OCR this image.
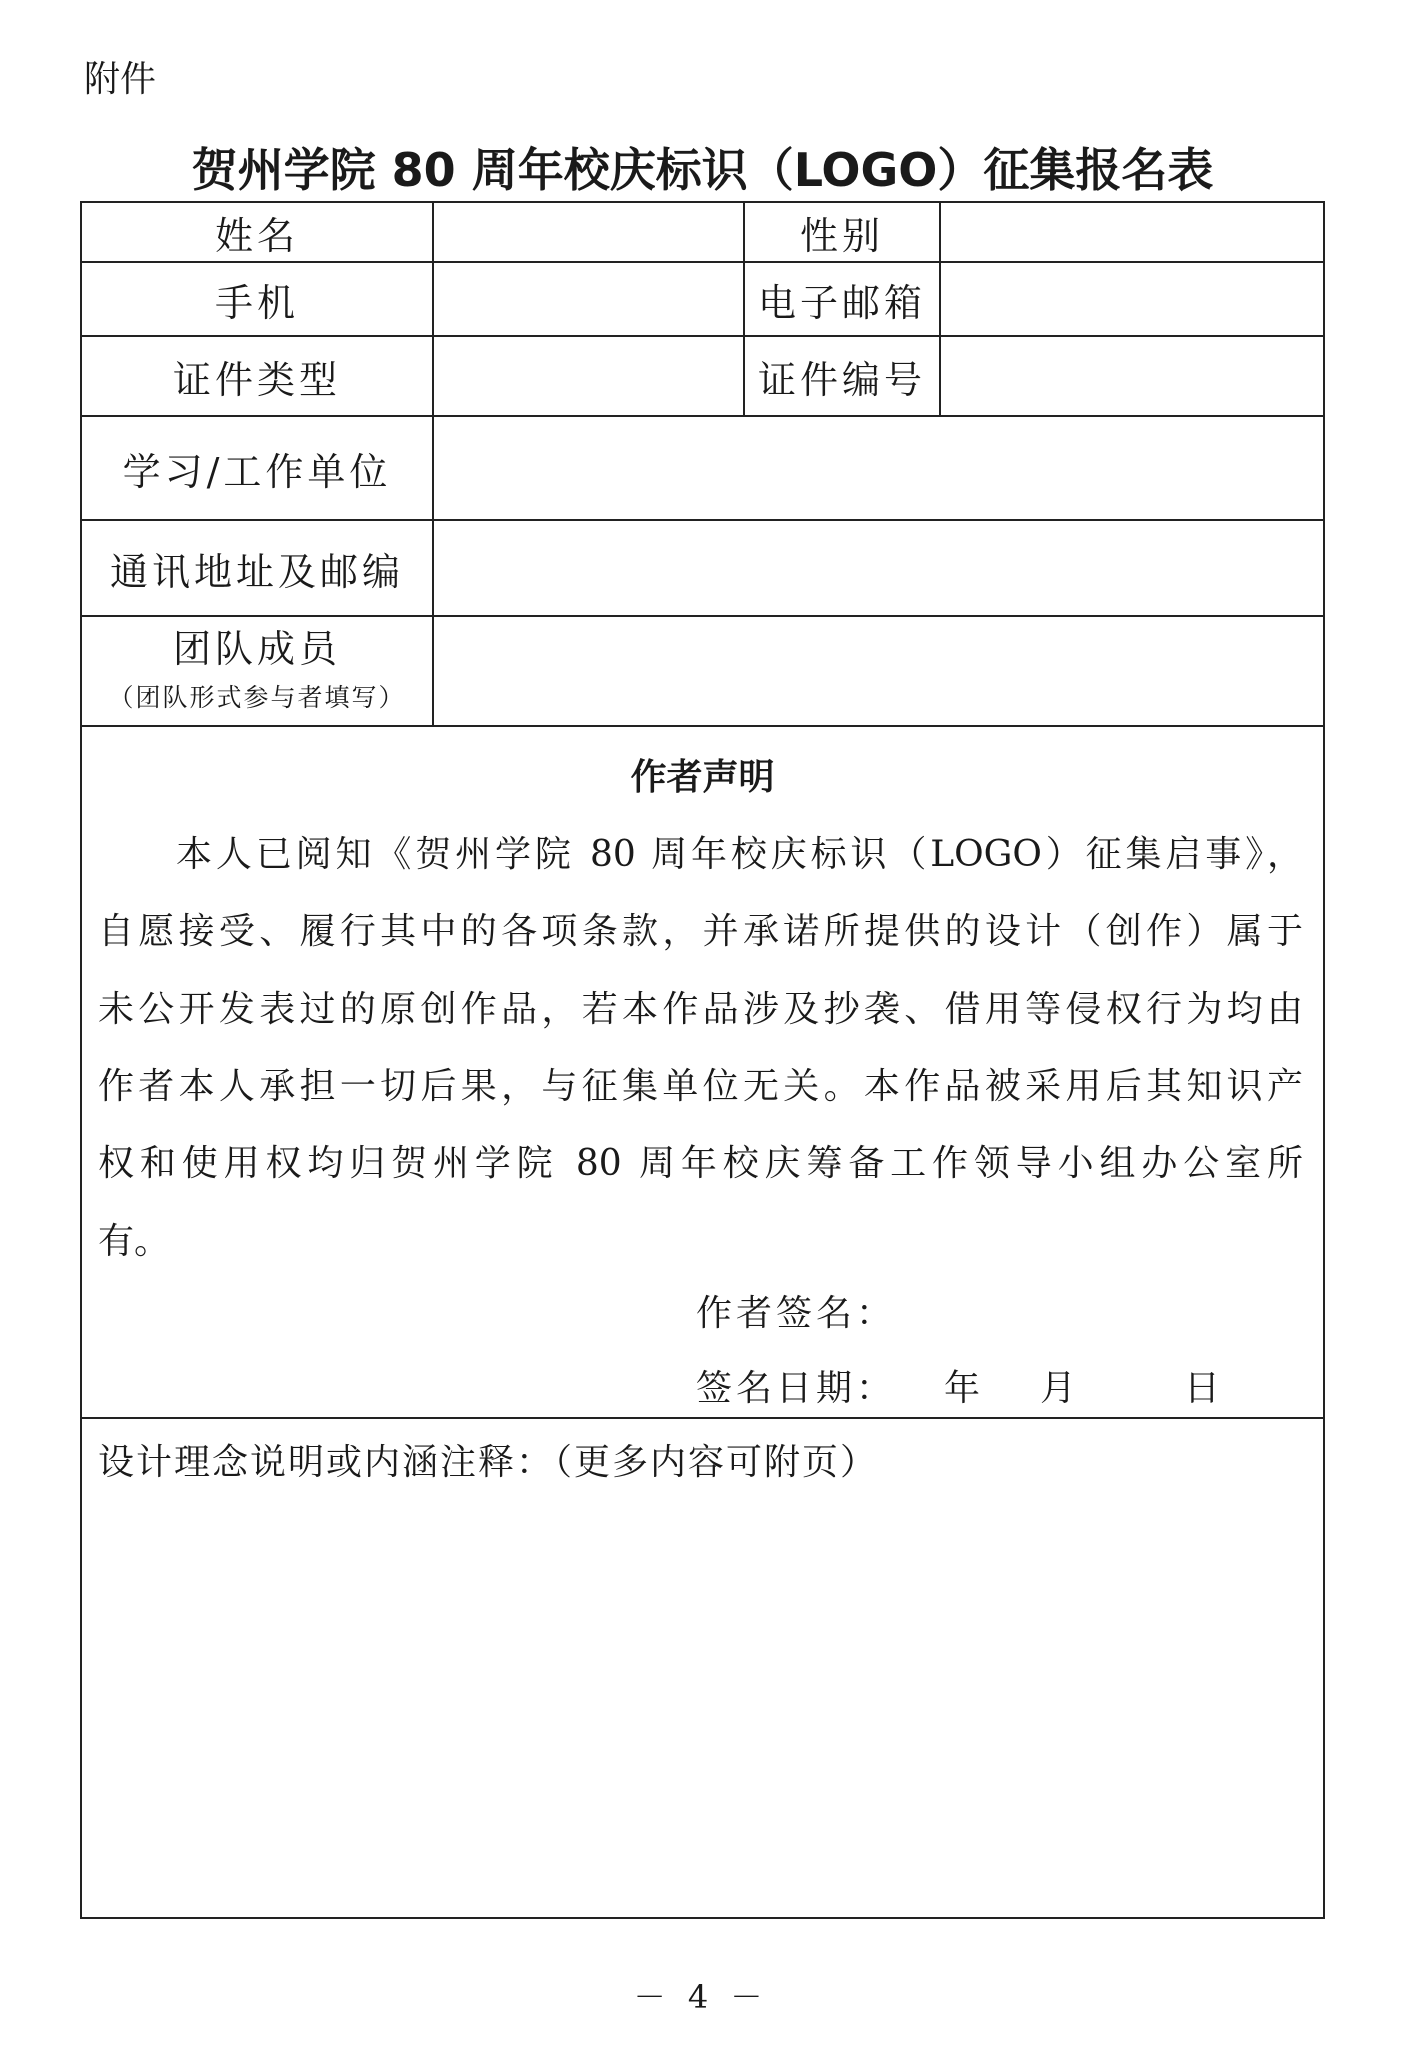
附件
贺州学院 80 周年校庆标识（LOGO）征集报名表
姓名	性别
手机	电子邮箱
证件类型	证件编号
学习/工作单位
通讯地址及邮编
团队成员
（团队形式参与者填写）
作者声明
本人已阅知《贺州学院 80 周年校庆标识（LOGO）征集启事》，
自愿接受、履行其中的各项条款，并承诺所提供的设计（创作）属于
未公开发表过的原创作品，若本作品涉及抄袭、借用等侵权行为均由
作者本人承担一切后果，与征集单位无关。本作品被采用后其知识产
权和使用权均归贺州学院 80 周年校庆筹备工作领导小组办公室所
有。
作者签名：
签名日期： 年 月	日
设计理念说明或内涵注释：（更多内容可附页）
－ 4 －
